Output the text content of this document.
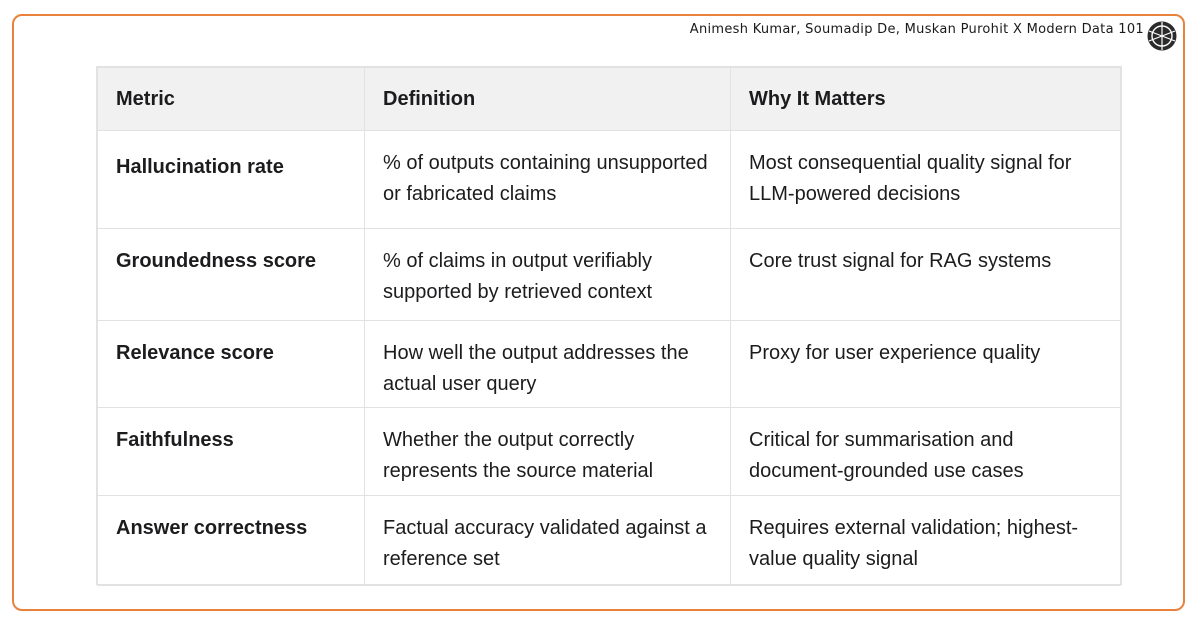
Animesh Kumar, Soumadip De, Muskan Purohit X Modern Data 101
Metric	Definition	Why It Matters
Hallucination rate	% of outputs containing unsupported or fabricated claims	Most consequential quality signal for LLM-powered decisions
Groundedness score	% of claims in output verifiably supported by retrieved context	Core trust signal for RAG systems
Relevance score	How well the output addresses the actual user query	Proxy for user experience quality
Faithfulness	Whether the output correctly represents the source material	Critical for summarisation and document-grounded use cases
Answer correctness	Factual accuracy validated against a reference set	Requires external validation; highest-value quality signal
